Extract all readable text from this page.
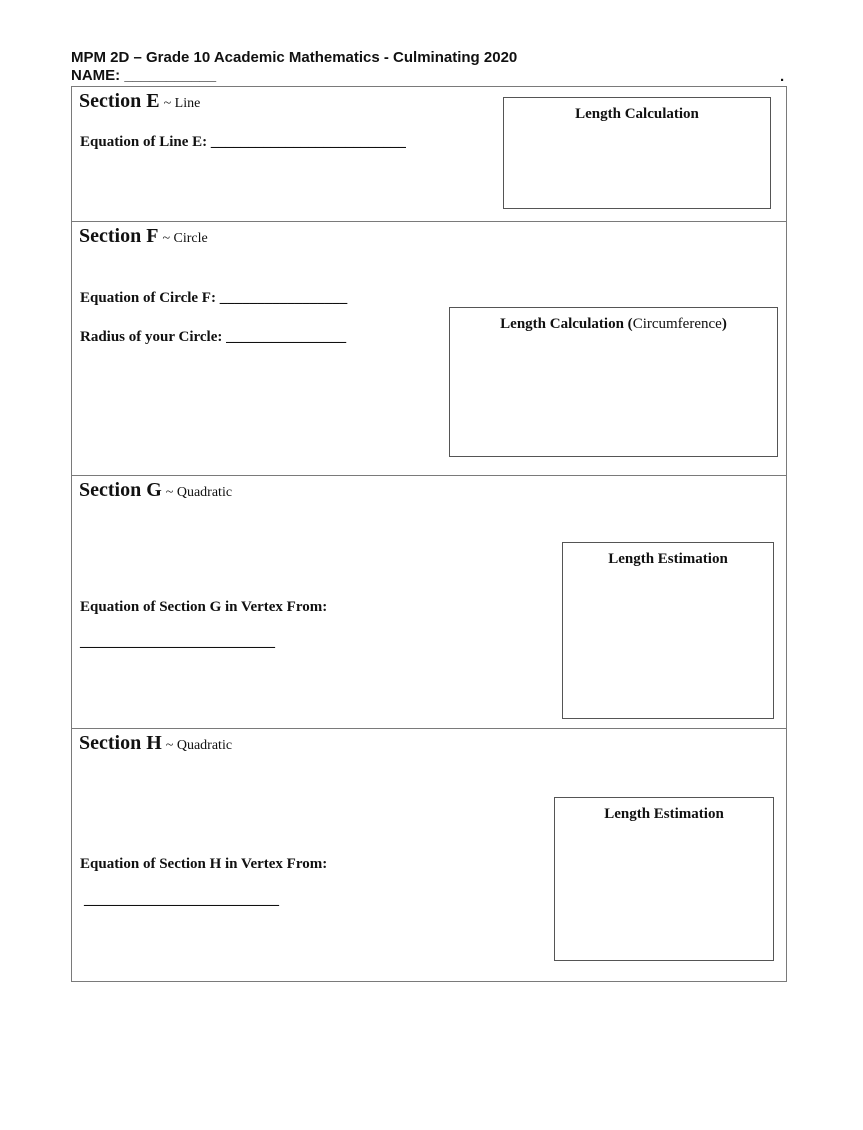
MPM 2D – Grade 10 Academic Mathematics - Culminating 2020
NAME: ___________	.
Section E ~ Line
Equation of Line E: __________________________
Length Calculation
Section F ~ Circle
Equation of Circle F: _________________
Radius of your Circle: ________________
Length Calculation (Circumference)
Section G ~ Quadratic
Equation of Section G in Vertex From:
__________________________
Length Estimation
Section H ~ Quadratic
Equation of Section H in Vertex From:
__________________________
Length Estimation
